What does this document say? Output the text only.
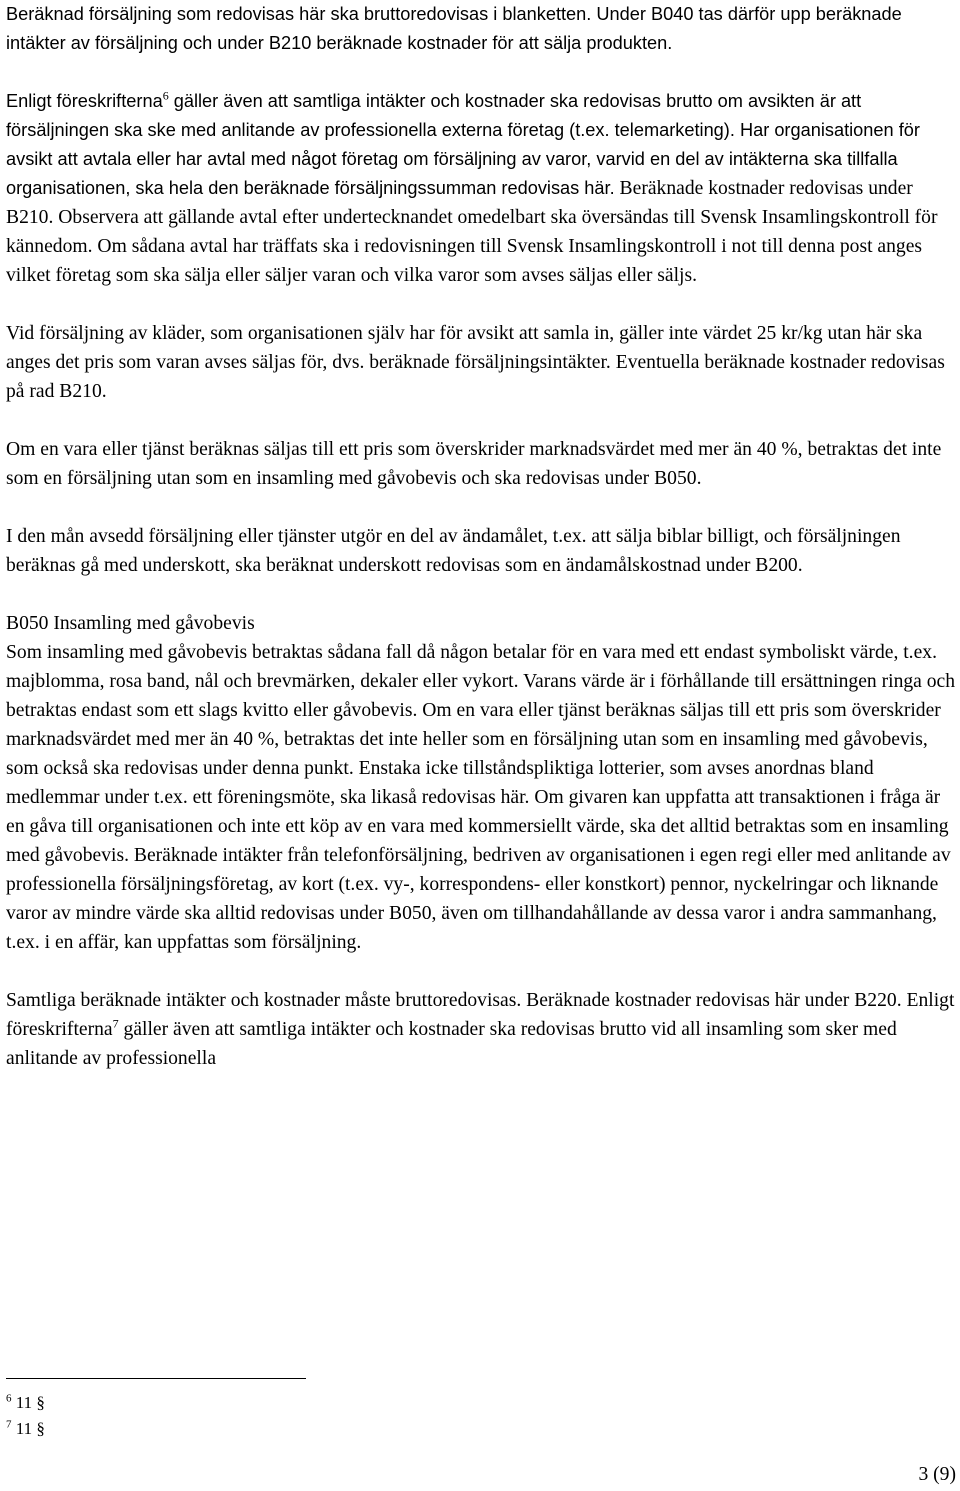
Beräknad försäljning som redovisas här ska bruttoredovisas i blanketten. Under B040 tas därför upp beräknade intäkter av försäljning och under B210 beräknade kostnader för att sälja produkten.

Enligt föreskrifterna$^6$ gäller även att samtliga intäkter och kostnader ska redovisas brutto om avsikten är att försäljningen ska ske med anlitande av professionella externa företag (t.ex. telemarketing). Har organisationen för avsikt att avtala eller har avtal med något företag om försäljning av varor, varvid en del av intäkterna ska tillfalla organisationen, ska hela den beräknade försäljningssumman redovisas här. Beräknade kostnader redovisas under B210. Observera att gällande avtal efter undertecknandet omedelbart ska översändas till Svensk Insamlingskontroll för kännedom. Om sådana avtal har träffats ska i redovisningen till Svensk Insamlingskontroll i not till denna post anges vilket företag som ska sälja eller säljer varan och vilka varor som avses säljas eller säljs.

Vid försäljning av kläder, som organisationen själv har för avsikt att samla in, gäller inte värdet 25 kr/kg utan här ska anges det pris som varan avses säljas för, dvs. beräknade försäljningsintäkter. Eventuella beräknade kostnader redovisas på rad B210.

Om en vara eller tjänst beräknas säljas till ett pris som överskrider marknadsvärdet med mer än 40 %, betraktas det inte som en försäljning utan som en insamling med gåvobevis och ska redovisas under B050.

I den mån avsedd försäljning eller tjänster utgör en del av ändamålet, t.ex. att sälja biblar billigt, och försäljningen beräknas gå med underskott, ska beräknat underskott redovisas som en ändamålskostnad under B200.

B050 Insamling med gåvobevis
Som insamling med gåvobevis betraktas sådana fall då någon betalar för en vara med ett endast symboliskt värde, t.ex. majblomma, rosa band, nål och brevmärken, dekaler eller vykort. Varans värde är i förhållande till ersättningen ringa och betraktas endast som ett slags kvitto eller gåvobevis. Om en vara eller tjänst beräknas säljas till ett pris som överskrider marknadsvärdet med mer än 40 %, betraktas det inte heller som en försäljning utan som en insamling med gåvobevis, som också ska redovisas under denna punkt. Enstaka icke tillståndspliktiga lotterier, som avses anordnas bland medlemmar under t.ex. ett föreningsmöte, ska likaså redovisas här. Om givaren kan uppfatta att transaktionen i fråga är en gåva till organisationen och inte ett köp av en vara med kommersiellt värde, ska det alltid betraktas som en insamling med gåvobevis. Beräknade intäkter från telefonförsäljning, bedriven av organisationen i egen regi eller med anlitande av professionella försäljningsföretag, av kort (t.ex. vy-, korrespondens- eller konstkort) pennor, nyckelringar och liknande varor av mindre värde ska alltid redovisas under B050, även om tillhandahållande av dessa varor i andra sammanhang, t.ex. i en affär, kan uppfattas som försäljning.

Samtliga beräknade intäkter och kostnader måste bruttoredovisas. Beräknade kostnader redovisas här under B220. Enligt föreskrifterna$^7$ gäller även att samtliga intäkter och kostnader ska redovisas brutto vid all insamling som sker med anlitande av professionella

$^6$ 11 §
$^7$ 11 §
3 (9)
